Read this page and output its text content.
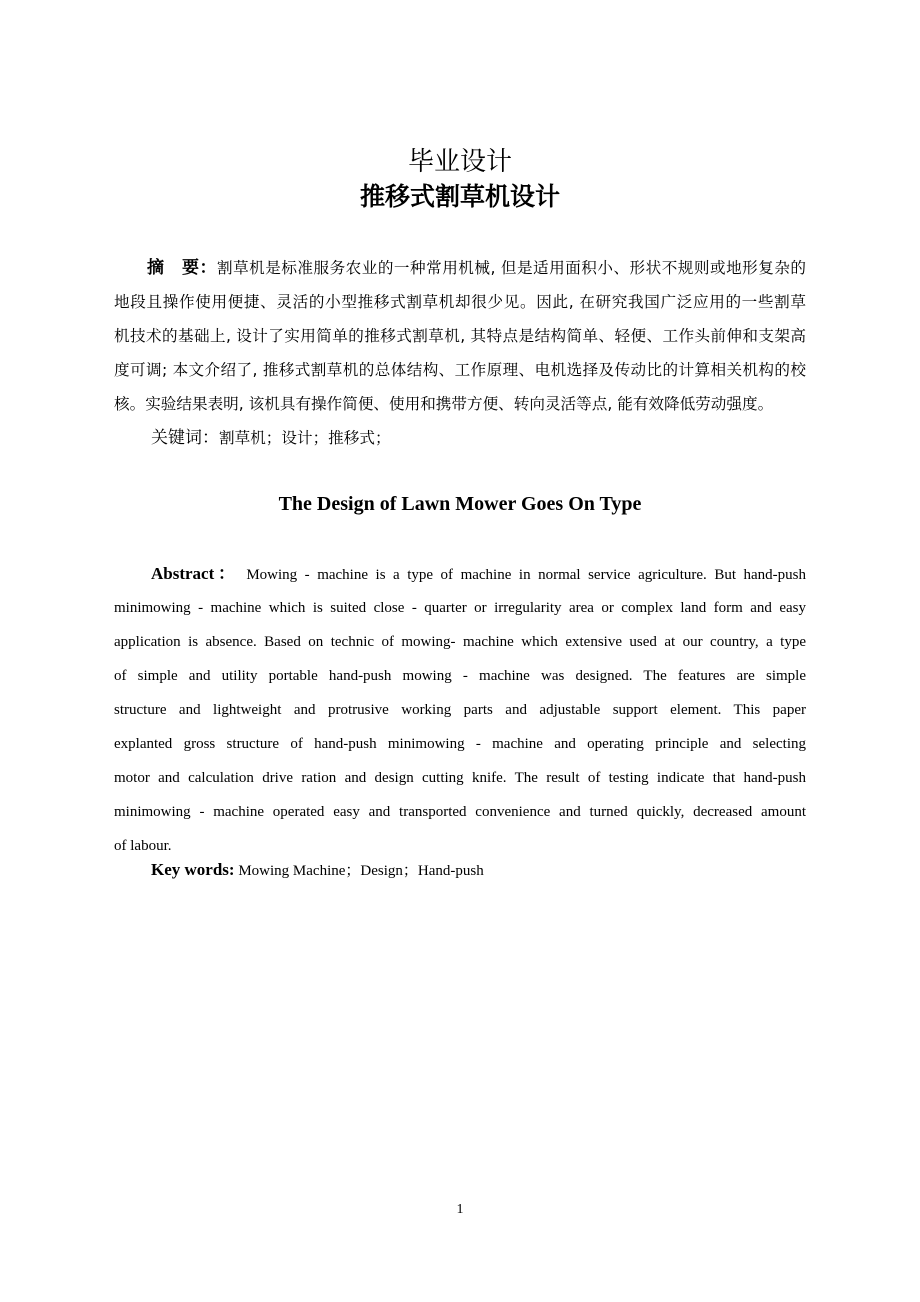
毕业设计
推移式割草机设计
摘　要：割草机是标准服务农业的一种常用机械, 但是适用面积小、形状不规则或地形复杂的
地段且操作使用便捷、灵活的小型推移式割草机却很少见。因此, 在研究我国广泛应用的一些割草
机技术的基础上, 设计了实用简单的推移式割草机, 其特点是结构简单、轻便、工作头前伸和支架高
度可调; 本文介绍了, 推移式割草机的总体结构、工作原理、电机选择及传动比的计算相关机构的校
核。实验结果表明, 该机具有操作简便、使用和携带方便、转向灵活等点, 能有效降低劳动强度。
关键词：割草机；设计；推移式；
The Design of Lawn Mower Goes On Type
Abstract： Mowing - machine is a type of machine in normal service agriculture. But hand-push
minimowing - machine which is suited close - quarter or irregularity area or complex land form and easy
application is absence. Based on technic of mowing- machine which extensive used at our country, a type
of simple and utility portable hand-push mowing - machine was designed. The features are simple
structure and lightweight and protrusive working parts and adjustable support element. This paper
explanted gross structure of hand-push minimowing - machine and operating principle and selecting
motor and calculation drive ration and design cutting knife. The result of testing indicate that hand-push
minimowing - machine operated easy and transported convenience and turned quickly, decreased amount
of labour.
Key words: Mowing Machine；Design；Hand-push
1
